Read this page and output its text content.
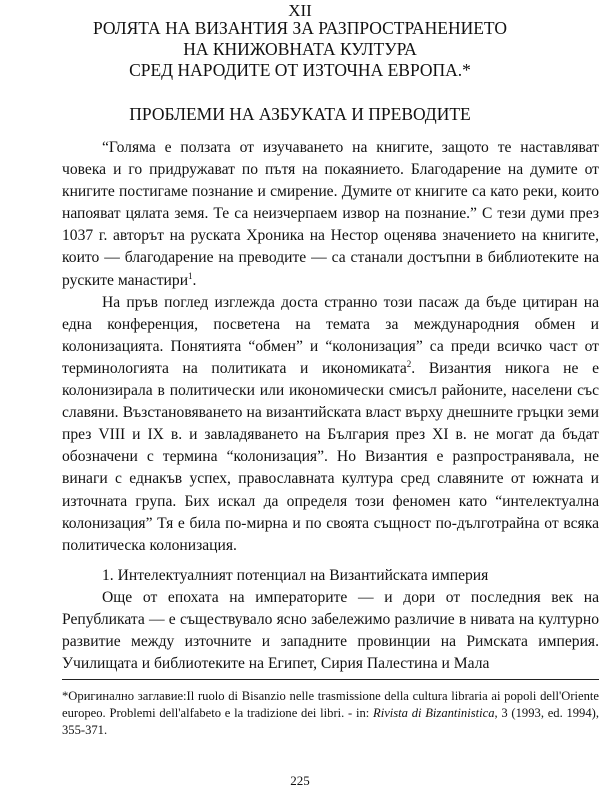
XII
РОЛЯТА НА ВИЗАНТИЯ ЗА РАЗПРОСТРАНЕНИЕТО
НА КНИЖОВНАТА КУЛТУРА
СРЕД НАРОДИТЕ ОТ ИЗТОЧНА ЕВРОПА.*
ПРОБЛЕМИ НА АЗБУКАТА И ПРЕВОДИТЕ

“Голяма е ползата от изучаването на книгите, защото те наставляват човека и го придружават по пътя на покаянието. Благодарение на думите от книгите постигаме познание и смирение. Думите от книгите са като реки, които напояват цялата земя. Те са неизчерпаем извор на познание.” С тези думи през 1037 г. авторът на руската Хроника на Нестор оценява значението на книгите, които — благодарение на преводите — са станали достъпни в библиотеките на руските манастири$^1$.

На пръв поглед изглежда доста странно този пасаж да бъде цитиран на една конференция, посветена на темата за международния обмен и колонизацията. Понятията “обмен” и “колонизация” са преди всичко част от терминологията на политиката и икономиката$^2$. Византия никога не е колонизирала в политически или икономически смисъл районите, населени със славяни. Възстановяването на византийската власт върху днешните гръцки земи през VIII и IX в. и завладяването на България през XI в. не могат да бъдат обозначени с термина “колонизация”. Но Византия е разпространявала, не винаги с еднакъв успех, православната култура сред славяните от южната и източната група. Бих искал да определя този феномен като “интелектуална колонизация” Тя е била по-мирна и по своята същност по-дълготрайна от всяка политическа колонизация.

1. Интелектуалният потенциал на Византийската империя

Още от епохата на императорите — и дори от последния век на Републиката — е съществувало ясно забележимо различие в нивата на културно развитие между източните и западните провинции на Римската империя. Училищата и библиотеките на Египет, Сирия Палестина и Мала

*Оригинално заглавие:Il ruolo di Bisanzio nelle trasmissione della cultura libraria ai popoli dell'Oriente europeo. Problemi dell'alfabeto e la tradizione dei libri. - in: Rivista di Bizantinistica, 3 (1993, ed. 1994), 355-371.
225
